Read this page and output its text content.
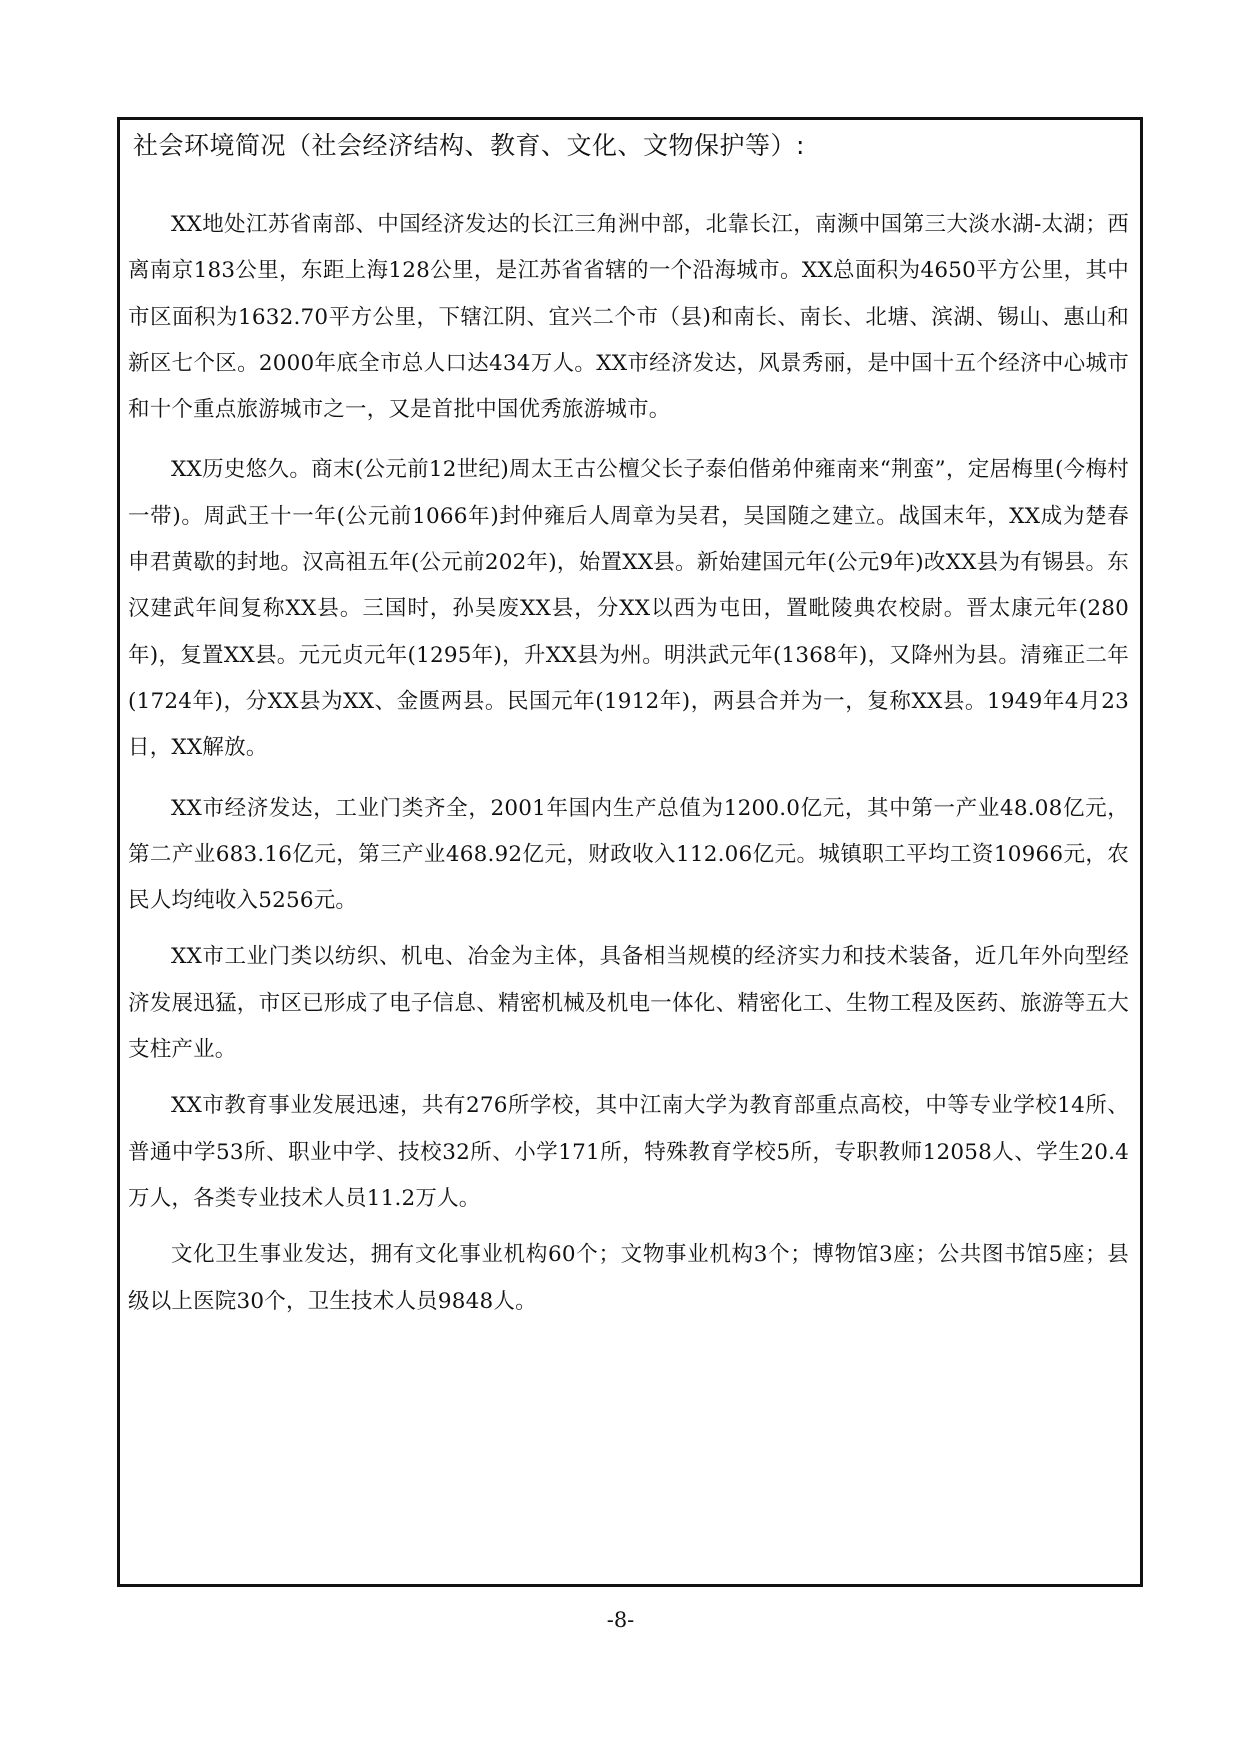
社会环境简况（社会经济结构、教育、文化、文物保护等）:

XX地处江苏省南部、中国经济发达的长江三角洲中部，北靠长江，南濒中国第三大淡水湖-太湖；西离南京183公里，东距上海128公里，是江苏省省辖的一个沿海城市。XX总面积为4650平方公里，其中市区面积为1632.70平方公里，下辖江阴、宜兴二个市（县)和南长、南长、北塘、滨湖、锡山、惠山和新区七个区。2000年底全市总人口达434万人。XX市经济发达，风景秀丽，是中国十五个经济中心城市和十个重点旅游城市之一，又是首批中国优秀旅游城市。

XX历史悠久。商末(公元前12世纪)周太王古公檀父长子泰伯偕弟仲雍南来“荆蛮”，定居梅里(今梅村一带)。周武王十一年(公元前1066年)封仲雍后人周章为吴君，吴国随之建立。战国末年，XX成为楚春申君黄歇的封地。汉高祖五年(公元前202年)，始置XX县。新始建国元年(公元9年)改XX县为有锡县。东汉建武年间复称XX县。三国时，孙吴废XX县，分XX以西为屯田，置毗陵典农校尉。晋太康元年(280年)，复置XX县。元元贞元年(1295年)，升XX县为州。明洪武元年(1368年)，又降州为县。清雍正二年(1724年)，分XX县为XX、金匮两县。民国元年(1912年)，两县合并为一，复称XX县。1949年4月23日，XX解放。

XX市经济发达，工业门类齐全，2001年国内生产总值为1200.0亿元，其中第一产业48.08亿元，第二产业683.16亿元，第三产业468.92亿元，财政收入112.06亿元。城镇职工平均工资10966元，农民人均纯收入5256元。

XX市工业门类以纺织、机电、冶金为主体，具备相当规模的经济实力和技术装备，近几年外向型经济发展迅猛，市区已形成了电子信息、精密机械及机电一体化、精密化工、生物工程及医药、旅游等五大支柱产业。

XX市教育事业发展迅速，共有276所学校，其中江南大学为教育部重点高校，中等专业学校14所、普通中学53所、职业中学、技校32所、小学171所，特殊教育学校5所，专职教师12058人、学生20.4万人，各类专业技术人员11.2万人。

文化卫生事业发达，拥有文化事业机构60个；文物事业机构3个；博物馆3座；公共图书馆5座；县级以上医院30个，卫生技术人员9848人。

-8-
